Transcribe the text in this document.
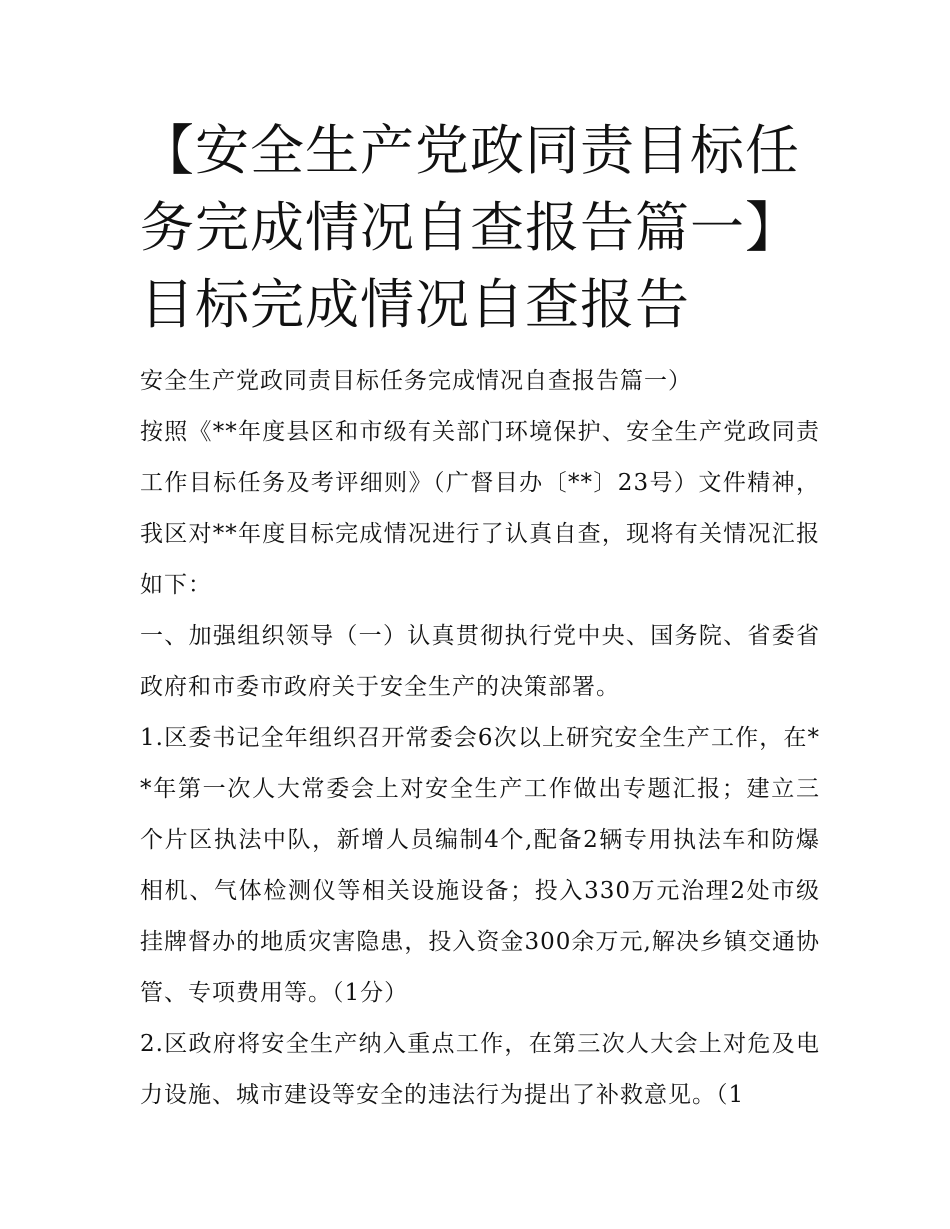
【安全生产党政同责目标任务完成情况自查报告篇一】目标完成情况自查报告

安全生产党政同责目标任务完成情况自查报告篇一）

按照《**年度县区和市级有关部门环境保护、安全生产党政同责工作目标任务及考评细则》（广督目办〔**〕23号）文件精神，我区对**年度目标完成情况进行了认真自查，现将有关情况汇报如下：

一、加强组织领导（一）认真贯彻执行党中央、国务院、省委省政府和市委市政府关于安全生产的决策部署。

1.区委书记全年组织召开常委会6次以上研究安全生产工作，在**年第一次人大常委会上对安全生产工作做出专题汇报；建立三个片区执法中队，新增人员编制4个,配备2辆专用执法车和防爆相机、气体检测仪等相关设施设备；投入330万元治理2处市级挂牌督办的地质灾害隐患，投入资金300余万元,解决乡镇交通协管、专项费用等。（1分）

2.区政府将安全生产纳入重点工作，在第三次人大会上对危及电力设施、城市建设等安全的违法行为提出了补救意见。（1
